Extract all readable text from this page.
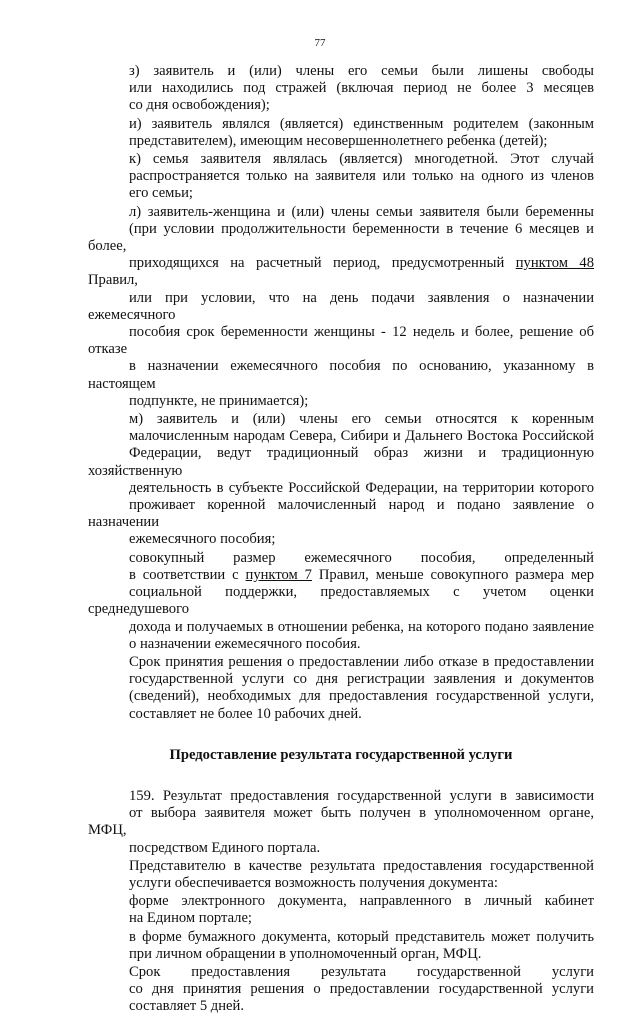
77

з) заявитель и (или) члены его семьи были лишены свободы
или находились под стражей (включая период не более 3 месяцев
со дня освобождения);

и) заявитель являлся (является) единственным родителем (законным
представителем), имеющим несовершеннолетнего ребенка (детей);

к) семья заявителя являлась (является) многодетной. Этот случай
распространяется только на заявителя или только на одного из членов
его семьи;

л) заявитель-женщина и (или) члены семьи заявителя были беременны
(при условии продолжительности беременности в течение 6 месяцев и более,
приходящихся на расчетный период, предусмотренный пунктом 48 Правил,
или при условии, что на день подачи заявления о назначении ежемесячного
пособия срок беременности женщины - 12 недель и более, решение об отказе
в назначении ежемесячного пособия по основанию, указанному в настоящем
подпункте, не принимается);

м) заявитель и (или) члены его семьи относятся к коренным
малочисленным народам Севера, Сибири и Дальнего Востока Российской
Федерации, ведут традиционный образ жизни и традиционную хозяйственную
деятельность в субъекте Российской Федерации, на территории которого
проживает коренной малочисленный народ и подано заявление о назначении
ежемесячного пособия;

совокупный размер ежемесячного пособия, определенный
в соответствии с пунктом 7 Правил, меньше совокупного размера мер
социальной поддержки, предоставляемых с учетом оценки среднедушевого
дохода и получаемых в отношении ребенка, на которого подано заявление
о назначении ежемесячного пособия.

Срок принятия решения о предоставлении либо отказе в предоставлении
государственной услуги со дня регистрации заявления и документов
(сведений), необходимых для предоставления государственной услуги,
составляет не более 10 рабочих дней.

Предоставление результата государственной услуги

159. Результат предоставления государственной услуги в зависимости
от выбора заявителя может быть получен в уполномоченном органе, МФЦ,
посредством Единого портала.

Представителю в качестве результата предоставления государственной
услуги обеспечивается возможность получения документа:

форме электронного документа, направленного в личный кабинет
на Едином портале;

в форме бумажного документа, который представитель может получить
при личном обращении в уполномоченный орган, МФЦ.

Срок предоставления результата государственной услуги
со дня принятия решения о предоставлении государственной услуги
составляет 5 дней.
